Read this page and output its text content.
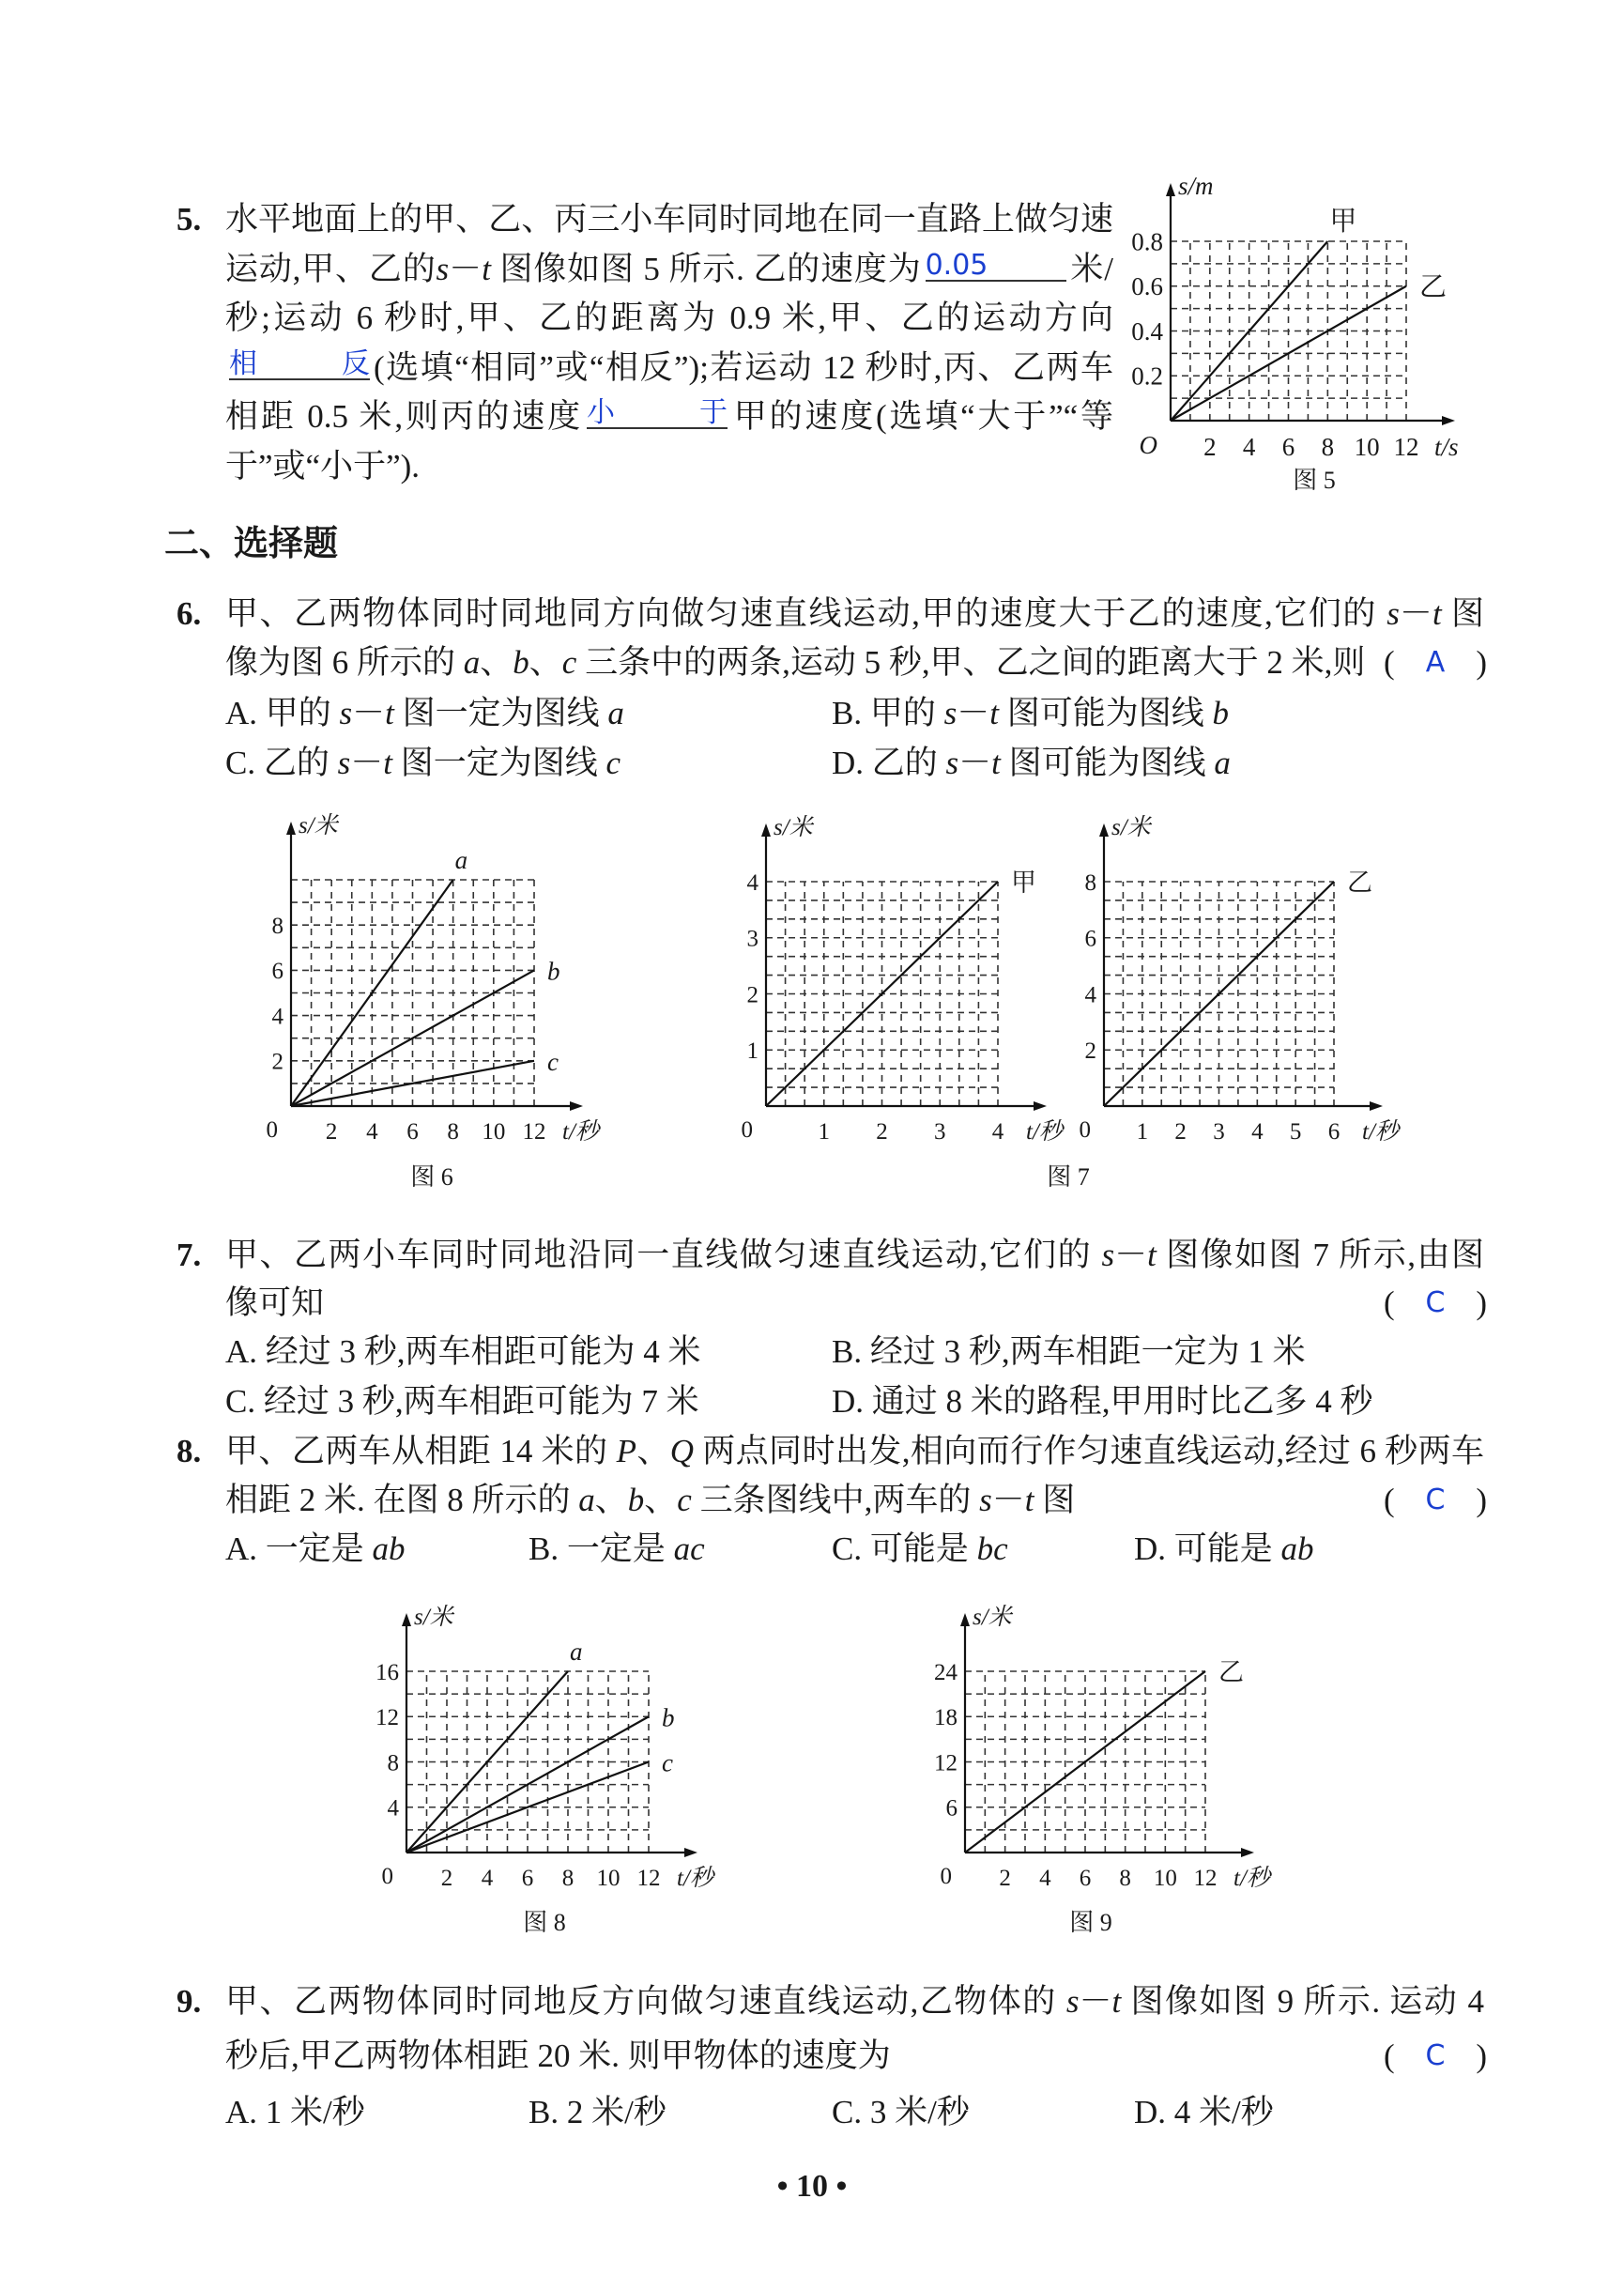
二、选择题
• 10 •
5. 水平地面上的甲、乙、丙三小车同时同地在同一直路上做匀速
运动,甲、乙的s－t 图像如图 5 所示. 乙的速度为 0.05 米/
秒;运动 6 秒时,甲、乙的距离为 0.9 米,甲、乙的运动方向
相反 (选填“相同”或“相反”);若运动 12 秒时,丙、乙两车
相距 0.5 米,则丙的速度 小于 甲的速度(选填“大于”“等
于”或“小于”).
6. 甲、乙两物体同时同地同方向做匀速直线运动,甲的速度大于乙的速度,它们的 s－t 图
像为图 6 所示的 a、b、c 三条中的两条,运动 5 秒,甲、乙之间的距离大于 2 米,则 ( A )
A. 甲的 s－t 图一定为图线 a	B. 甲的 s－t 图可能为图线 b
C. 乙的 s－t 图一定为图线 c	D. 乙的 s－t 图可能为图线 a
7. 甲、乙两小车同时同地沿同一直线做匀速直线运动,它们的 s－t 图像如图 7 所示,由图
像可知	( C )
A. 经过 3 秒,两车相距可能为 4 米	B. 经过 3 秒,两车相距一定为 1 米
C. 经过 3 秒,两车相距可能为 7 米	D. 通过 8 米的路程,甲用时比乙多 4 秒
8. 甲、乙两车从相距 14 米的 P、Q 两点同时出发,相向而行作匀速直线运动,经过 6 秒两车
相距 2 米. 在图 8 所示的 a、b、c 三条图线中,两车的 s－t 图	( C )
A. 一定是 ab	B. 一定是 ac	C. 可能是 bc	D. 可能是 ab
9. 甲、乙两物体同时同地反方向做匀速直线运动,乙物体的 s－t 图像如图 9 所示. 运动 4
秒后,甲乙两物体相距 20 米. 则甲物体的速度为	( C )
A. 1 米/秒	B. 2 米/秒	C. 3 米/秒	D. 4 米/秒
甲
乙
2 4 6 8 10 12
0.2
0.4
0.6
0.8
O	t/s
s/m
图 5
a
b
c
2 4 6 8 10 12
2
4
6
8
0	t/秒
s/米
图 6
甲
1 2 3 4
1
2
3
4
0	t/秒
s/米
图 7
乙
1 2 3 4 5 6
2
4
6
8
0	t/秒
s/米
a
b
c
2 4 6 8 10 12
4
8
12
16
0	t/秒
s/米
图 8
乙
2 4 6 8 10 12
6
12
18
24
0	t/秒
s/米
图 9
